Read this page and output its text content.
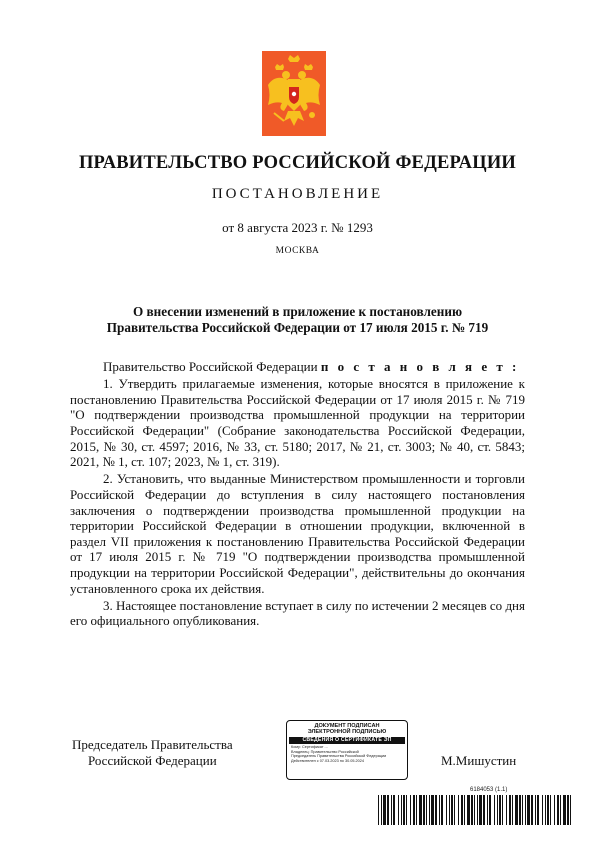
ПРАВИТЕЛЬСТВО РОССИЙСКОЙ ФЕДЕРАЦИИ
ПОСТАНОВЛЕНИЕ
от 8 августа 2023 г. № 1293
МОСКВА
О внесении изменений в приложение к постановлению
Правительства Российской Федерации от 17 июля 2015 г. № 719

Правительство Российской Федерации п о с т а н о в л я е т :

1. Утвердить прилагаемые изменения, которые вносятся в приложение к постановлению Правительства Российской Федерации от 17 июля 2015 г. № 719 "О подтверждении производства промышленной продукции на территории Российской Федерации" (Собрание законодательства Российской Федерации, 2015, № 30, ст. 4597; 2016, № 33, ст. 5180; 2017, № 21, ст. 3003; № 40, ст. 5843; 2021, № 1, ст. 107; 2023, № 1, ст. 319).

2. Установить, что выданные Министерством промышленности и торговли Российской Федерации до вступления в силу настоящего постановления заключения о подтверждении производства промышленной продукции на территории Российской Федерации в отношении продукции, включенной в раздел VII приложения к постановлению Правительства Российской Федерации от 17 июля 2015 г. № 719 "О подтверждении производства промышленной продукции на территории Российской Федерации", действительны до окончания установленного срока их действия.

3. Настоящее постановление вступает в силу по истечении 2 месяцев со дня его официального опубликования.

Председатель Правительства
Российской Федерации
ДОКУМЕНТ ПОДПИСАН
ЭЛЕКТРОННОЙ ПОДПИСЬЮ
СВЕДЕНИЯ О СЕРТИФИКАТЕ ЭП
Кому: Сертификат ...
Владелец: Правительство Российской
Председатель Правительства Российской Федерации
Действителен с 07.03.2023 по 30.05.2024	М.Мишустин
6184053 (1.1)
